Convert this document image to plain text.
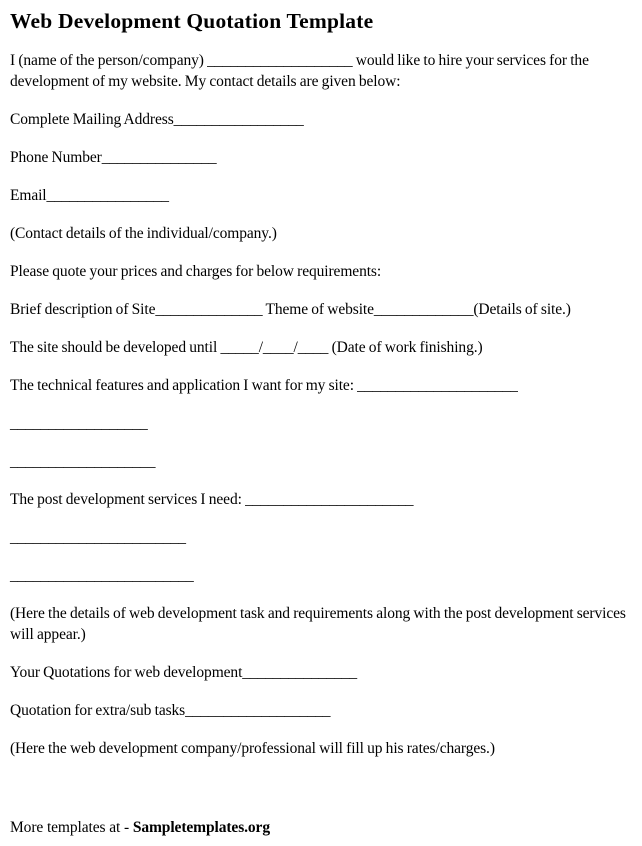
Web Development Quotation Template

I (name of the person/company) ___________________ would like to hire your services for the development of my website. My contact details are given below:

Complete Mailing Address_________________

Phone Number_______________

Email________________

(Contact details of the individual/company.)

Please quote your prices and charges for below requirements:

Brief description of Site______________ Theme of website_____________(Details of site.)

The site should be developed until _____/____/____ (Date of work finishing.)

The technical features and application I want for my site: _____________________

__________________

___________________

The post development services I need: ______________________

_______________________

________________________

(Here the details of web development task and requirements along with the post development services will appear.)

Your Quotations for web development_______________

Quotation for extra/sub tasks___________________

(Here the web development company/professional will fill up his rates/charges.)

More templates at - Sampletemplates.org
